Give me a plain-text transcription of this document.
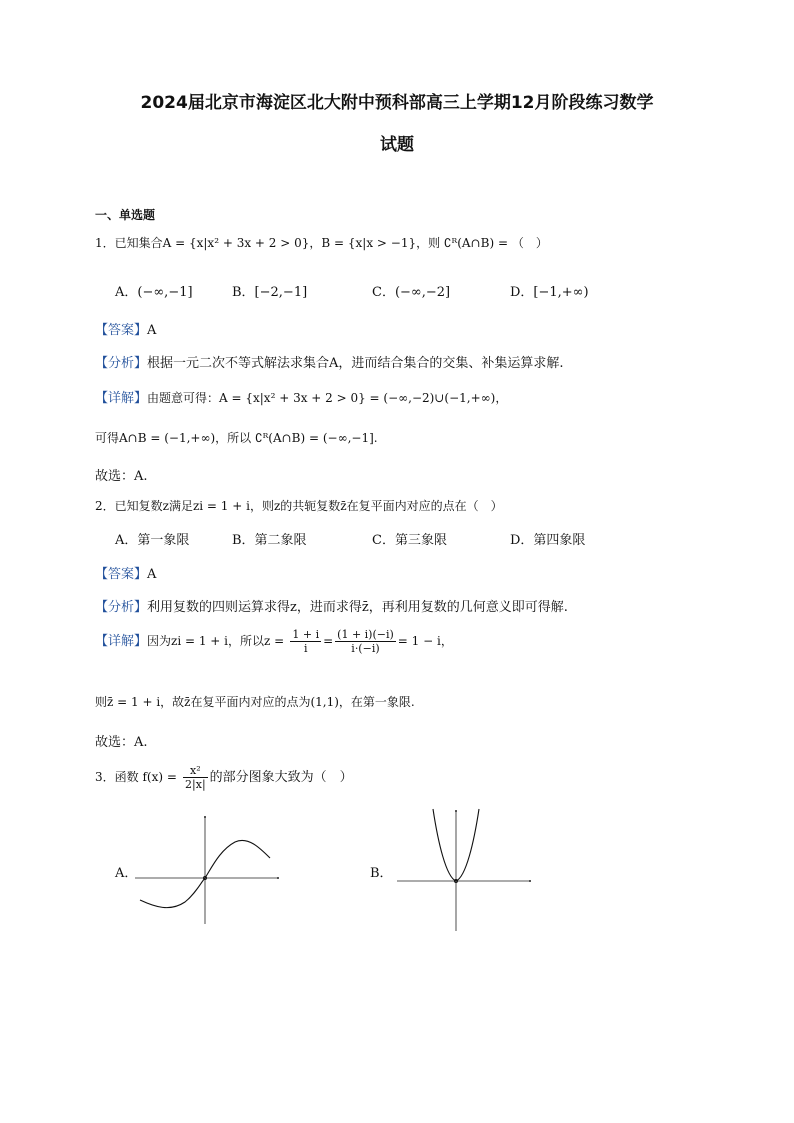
2024届北京市海淀区北大附中预科部高三上学期12月阶段练习数学
试题
一、单选题
1．已知集合A = {x|x² + 3x + 2 > 0}，B = {x|x > −1}，则 ∁ᴿ(A∩B) = （　）
A．(−∞,−1]	B．[−2,−1]	C．(−∞,−2]	D．[−1,+∞)
【答案】A
【分析】根据一元二次不等式解法求集合A，进而结合集合的交集、补集运算求解.
【详解】由题意可得：A = {x|x² + 3x + 2 > 0} = (−∞,−2)∪(−1,+∞)，
可得A∩B = (−1,+∞)，所以 ∁ᴿ(A∩B) = (−∞,−1].
故选：A.
2．已知复数z满足zi = 1 + i，则z的共轭复数z̄在复平面内对应的点在（　）
A．第一象限	B．第二象限	C．第三象限	D．第四象限
【答案】A
【分析】利用复数的四则运算求得z，进而求得z̄，再利用复数的几何意义即可得解.
【详解】因为zi = 1 + i，所以$z = \frac{1 + i}{i} = \frac{(1 + i)(-i)}{i\cdot(-i)} = 1 - i$，
则z̄ = 1 + i，故z̄在复平面内对应的点为(1,1)，在第一象限.
故选：A.
3．函数 $f(x) = \frac{\text{x²}}{2|x|}$ 的部分图象大致为（　）
A．	B．
